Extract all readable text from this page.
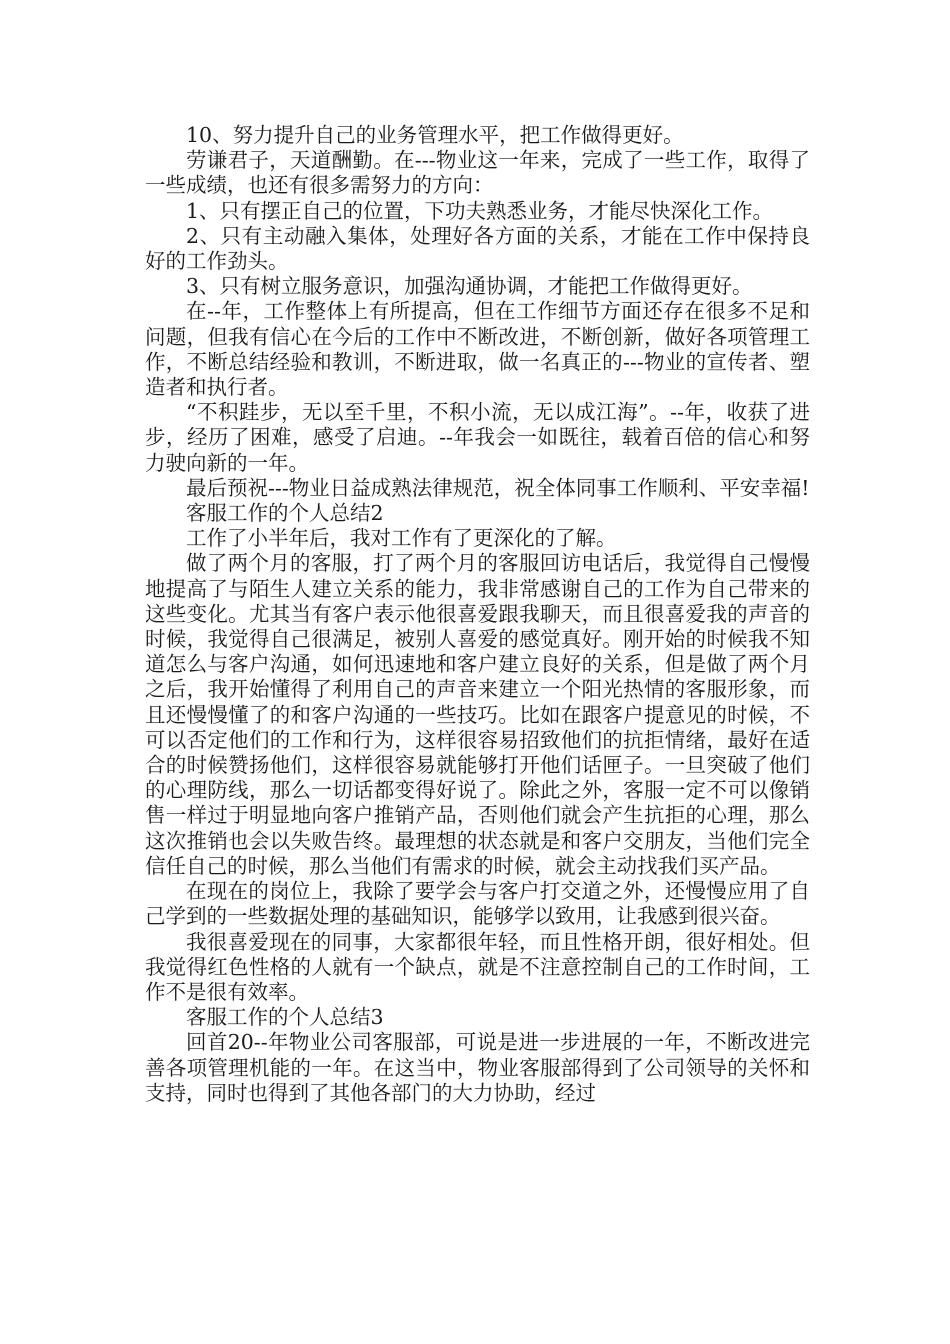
10、努力提升自己的业务管理水平，把工作做得更好。

劳谦君子，天道酬勤。在---物业这一年来，完成了一些工作，取得了一些成绩，也还有很多需努力的方向：

1、只有摆正自己的位置，下功夫熟悉业务，才能尽快深化工作。

2、只有主动融入集体，处理好各方面的关系，才能在工作中保持良好的工作劲头。

3、只有树立服务意识，加强沟通协调，才能把工作做得更好。

在--年，工作整体上有所提高，但在工作细节方面还存在很多不足和问题，但我有信心在今后的工作中不断改进，不断创新，做好各项管理工作，不断总结经验和教训，不断进取，做一名真正的---物业的宣传者、塑造者和执行者。

“不积跬步，无以至千里，不积小流，无以成江海”。--年，收获了进步，经历了困难，感受了启迪。--年我会一如既往，载着百倍的信心和努力驶向新的一年。

最后预祝---物业日益成熟法律规范，祝全体同事工作顺利、平安幸福!

客服工作的个人总结2

工作了小半年后，我对工作有了更深化的了解。

做了两个月的客服，打了两个月的客服回访电话后，我觉得自己慢慢地提高了与陌生人建立关系的能力，我非常感谢自己的工作为自己带来的这些变化。尤其当有客户表示他很喜爱跟我聊天，而且很喜爱我的声音的时候，我觉得自己很满足，被别人喜爱的感觉真好。刚开始的时候我不知道怎么与客户沟通，如何迅速地和客户建立良好的关系，但是做了两个月之后，我开始懂得了利用自己的声音来建立一个阳光热情的客服形象，而且还慢慢懂了的和客户沟通的一些技巧。比如在跟客户提意见的时候，不可以否定他们的工作和行为，这样很容易招致他们的抗拒情绪，最好在适合的时候赞扬他们，这样很容易就能够打开他们话匣子。一旦突破了他们的心理防线，那么一切话都变得好说了。除此之外，客服一定不可以像销售一样过于明显地向客户推销产品，否则他们就会产生抗拒的心理，那么这次推销也会以失败告终。最理想的状态就是和客户交朋友，当他们完全信任自己的时候，那么当他们有需求的时候，就会主动找我们买产品。

在现在的岗位上，我除了要学会与客户打交道之外，还慢慢应用了自己学到的一些数据处理的基础知识，能够学以致用，让我感到很兴奋。

我很喜爱现在的同事，大家都很年轻，而且性格开朗，很好相处。但我觉得红色性格的人就有一个缺点，就是不注意控制自己的工作时间，工作不是很有效率。

客服工作的个人总结3

回首20--年物业公司客服部，可说是进一步进展的一年，不断改进完善各项管理机能的一年。在这当中，物业客服部得到了公司领导的关怀和支持，同时也得到了其他各部门的大力协助，经过
